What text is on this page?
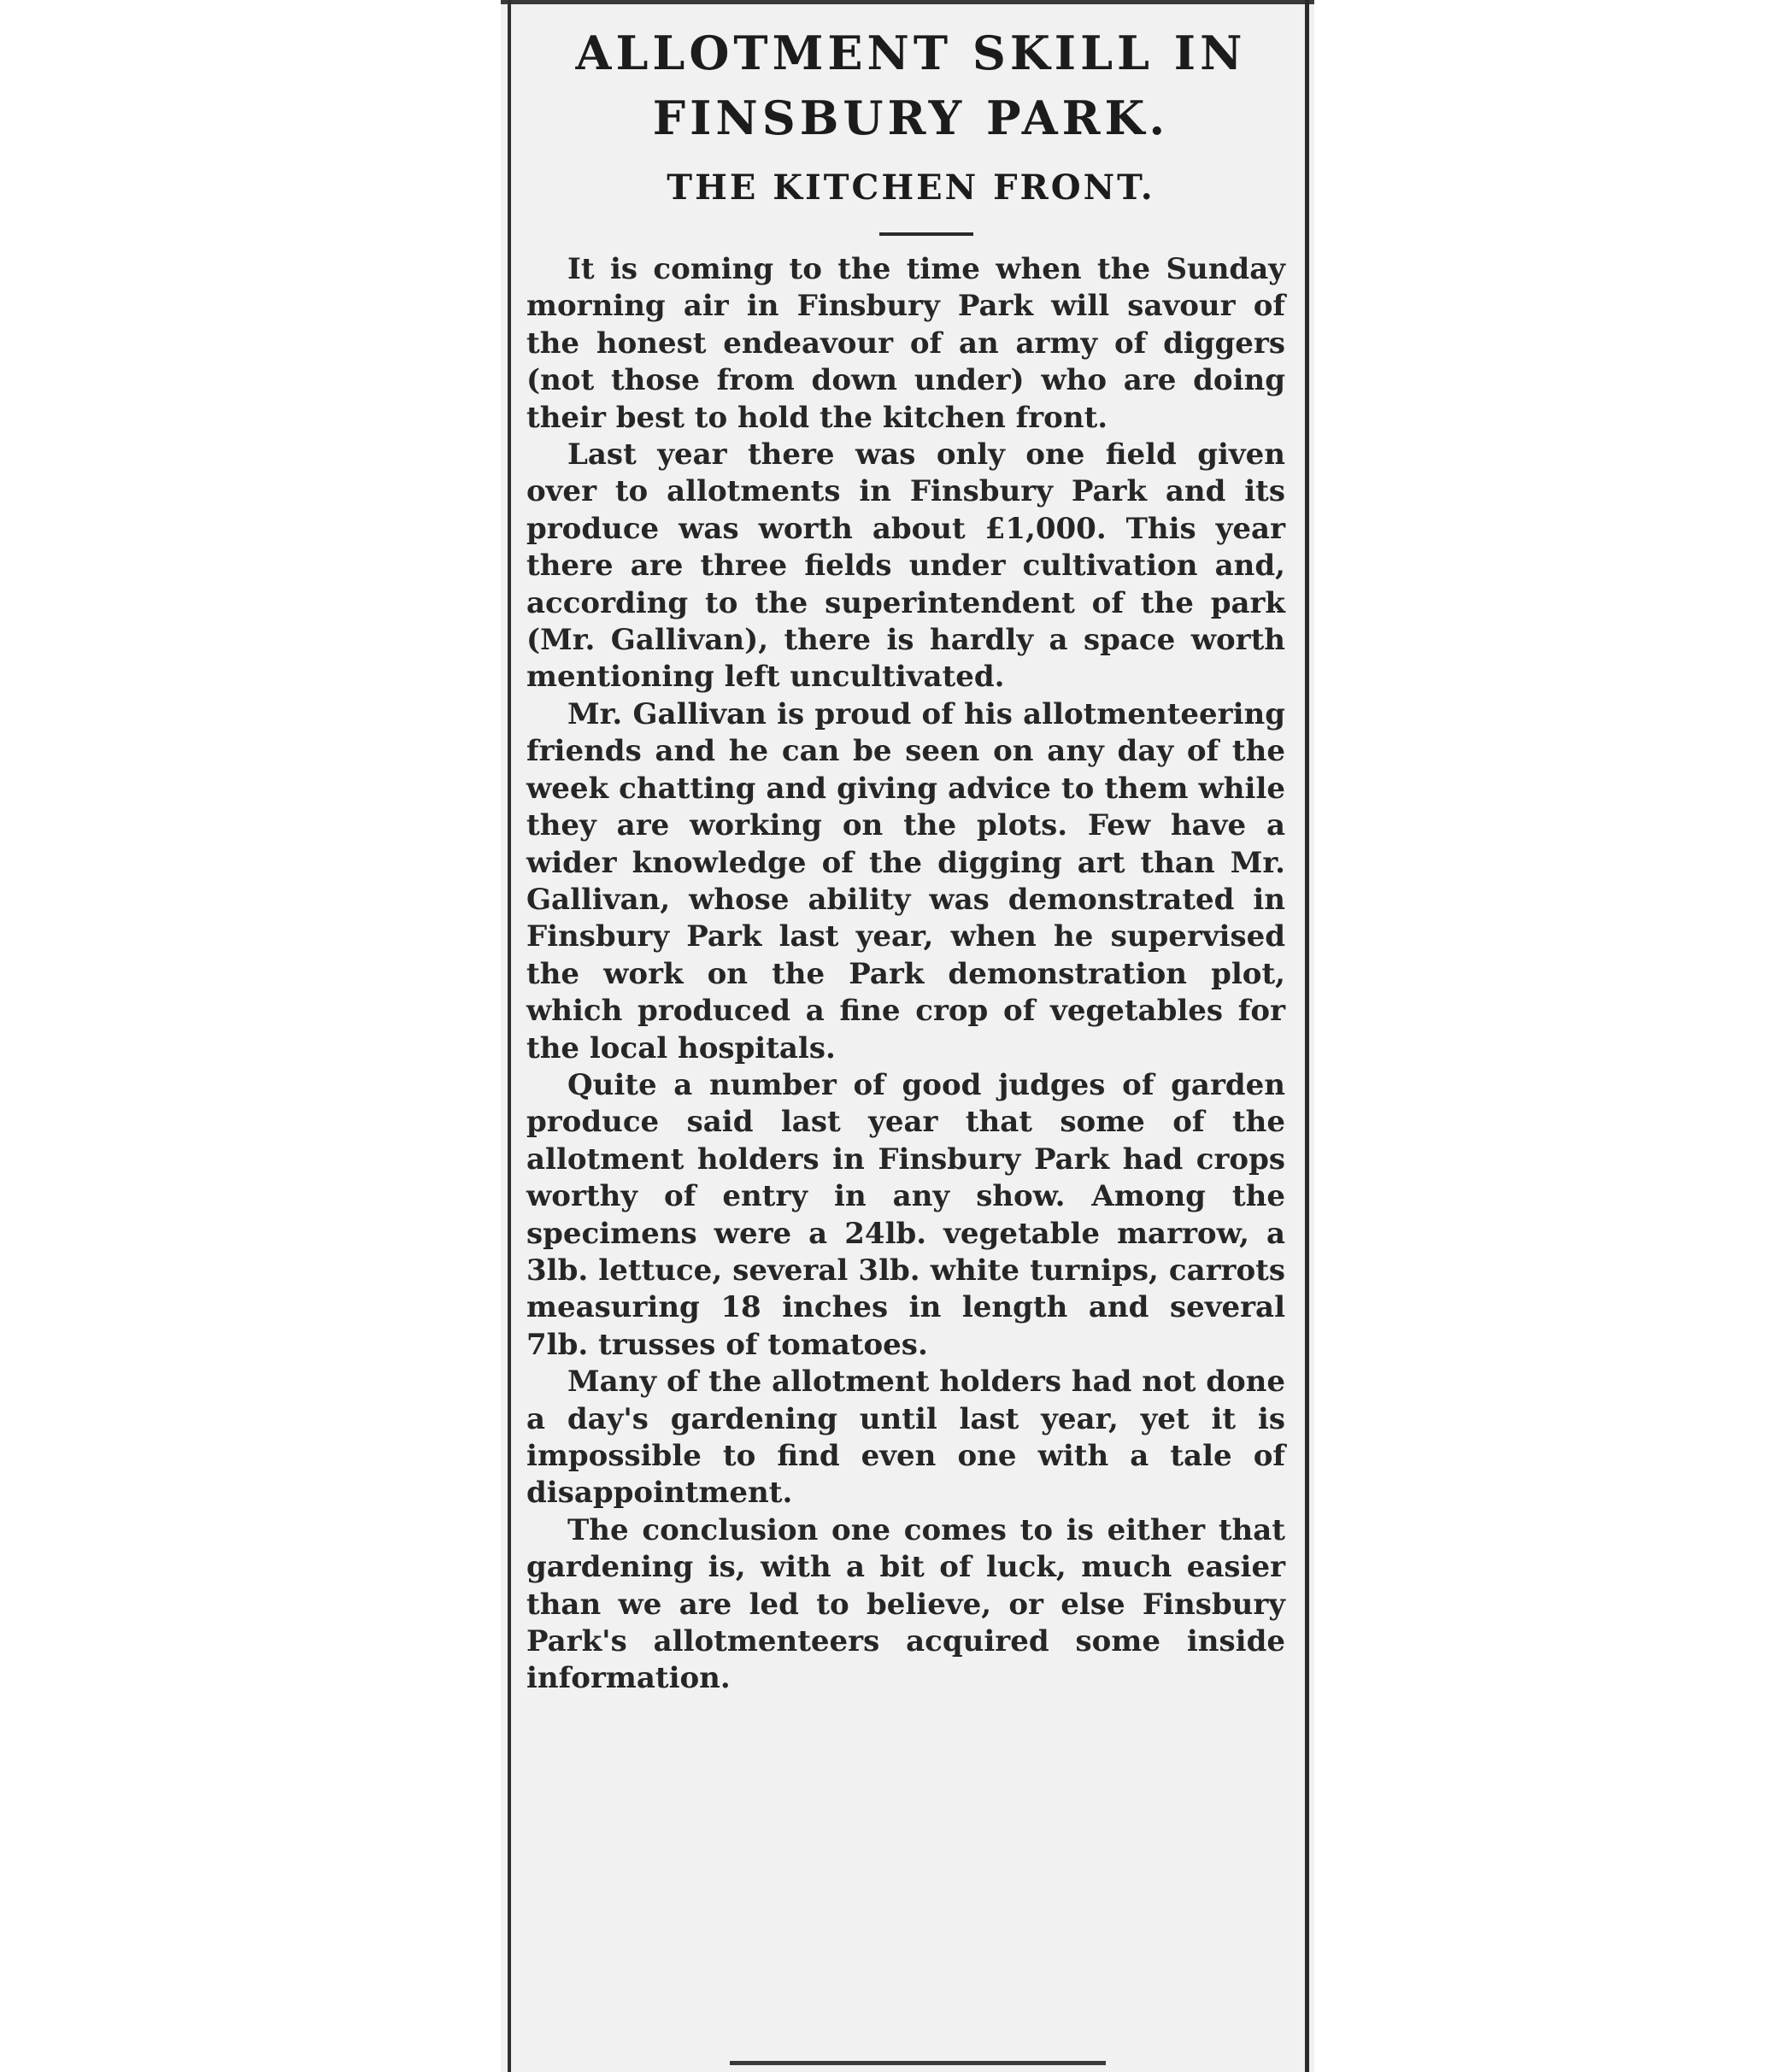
ALLOTMENT SKILL IN
FINSBURY PARK.
THE KITCHEN FRONT.

It is coming to the time when the Sunday morning air in Finsbury Park will savour of the honest endeavour of an army of diggers (not those from down under) who are doing their best to hold the kitchen front.

Last year there was only one field given over to allotments in Finsbury Park and its produce was worth about £1,000. This year there are three fields under cultivation and, according to the superintendent of the park (Mr. Gallivan), there is hardly a space worth mentioning left uncultivated.

Mr. Gallivan is proud of his allotmenteering friends and he can be seen on any day of the week chatting and giving advice to them while they are working on the plots. Few have a wider knowledge of the digging art than Mr. Gallivan, whose ability was demonstrated in Finsbury Park last year, when he supervised the work on the Park demonstration plot, which produced a fine crop of vegetables for the local hospitals.

Quite a number of good judges of garden produce said last year that some of the allotment holders in Finsbury Park had crops worthy of entry in any show. Among the specimens were a 24lb. vegetable marrow, a 3lb. lettuce, several 3lb. white turnips, carrots measuring 18 inches in length and several 7lb. trusses of tomatoes.

Many of the allotment holders had not done a day's gardening until last year, yet it is impossible to find even one with a tale of disappointment.

The conclusion one comes to is either that gardening is, with a bit of luck, much easier than we are led to believe, or else Finsbury Park's allotmenteers acquired some inside information.
